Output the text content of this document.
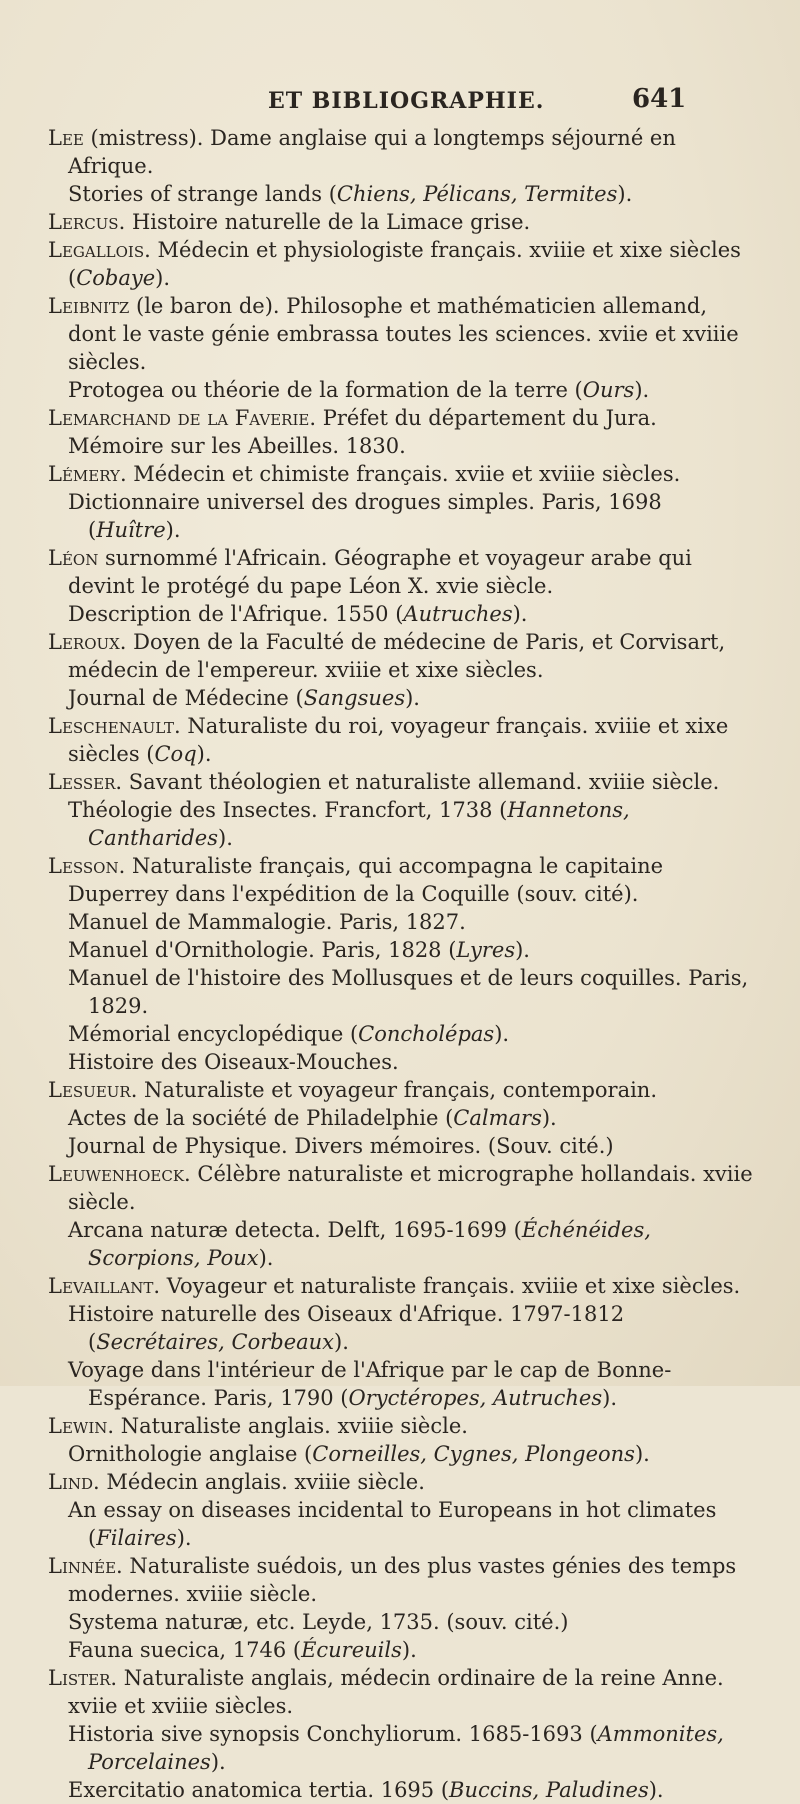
ET BIBLIOGRAPHIE.	641

Lee (mistress). Dame anglaise qui a longtemps séjourné en Afrique.

Stories of strange lands (Chiens, Pélicans, Termites).

Lercus. Histoire naturelle de la Limace grise.

Legallois. Médecin et physiologiste français. xviiie et xixe siècles (Cobaye).

Leibnitz (le baron de). Philosophe et mathématicien allemand, dont le vaste génie embrassa toutes les sciences. xviie et xviiie siècles.

Protogea ou théorie de la formation de la terre (Ours).

Lemarchand de la Faverie. Préfet du département du Jura.

Mémoire sur les Abeilles. 1830.

Lémery. Médecin et chimiste français. xviie et xviiie siècles.

Dictionnaire universel des drogues simples. Paris, 1698 (Huître).

Léon surnommé l'Africain. Géographe et voyageur arabe qui devint le protégé du pape Léon X. xvie siècle.

Description de l'Afrique. 1550 (Autruches).

Leroux. Doyen de la Faculté de médecine de Paris, et Corvisart, médecin de l'empereur. xviiie et xixe siècles.

Journal de Médecine (Sangsues).

Leschenault. Naturaliste du roi, voyageur français. xviiie et xixe siècles (Coq).

Lesser. Savant théologien et naturaliste allemand. xviiie siècle.

Théologie des Insectes. Francfort, 1738 (Hannetons, Cantharides).

Lesson. Naturaliste français, qui accompagna le capitaine Duperrey dans l'expédition de la Coquille (souv. cité).

Manuel de Mammalogie. Paris, 1827.

Manuel d'Ornithologie. Paris, 1828 (Lyres).

Manuel de l'histoire des Mollusques et de leurs coquilles. Paris, 1829.

Mémorial encyclopédique (Concholépas).

Histoire des Oiseaux-Mouches.

Lesueur. Naturaliste et voyageur français, contemporain.

Actes de la société de Philadelphie (Calmars).

Journal de Physique. Divers mémoires. (Souv. cité.)

Leuwenhoeck. Célèbre naturaliste et micrographe hollandais. xviie siècle.

Arcana naturæ detecta. Delft, 1695-1699 (Échénéides, Scorpions, Poux).

Levaillant. Voyageur et naturaliste français. xviiie et xixe siècles.

Histoire naturelle des Oiseaux d'Afrique. 1797-1812 (Secrétaires, Corbeaux).

Voyage dans l'intérieur de l'Afrique par le cap de Bonne-Espérance. Paris, 1790 (Oryctéropes, Autruches).

Lewin. Naturaliste anglais. xviiie siècle.

Ornithologie anglaise (Corneilles, Cygnes, Plongeons).

Lind. Médecin anglais. xviiie siècle.

An essay on diseases incidental to Europeans in hot climates (Filaires).

Linnée. Naturaliste suédois, un des plus vastes génies des temps modernes. xviiie siècle.

Systema naturæ, etc. Leyde, 1735. (souv. cité.)

Fauna suecica, 1746 (Écureuils).

Lister. Naturaliste anglais, médecin ordinaire de la reine Anne. xviie et xviiie siècles.

Historia sive synopsis Conchyliorum. 1685-1693 (Ammonites, Porcelaines).

Exercitatio anatomica tertia. 1695 (Buccins, Paludines).
